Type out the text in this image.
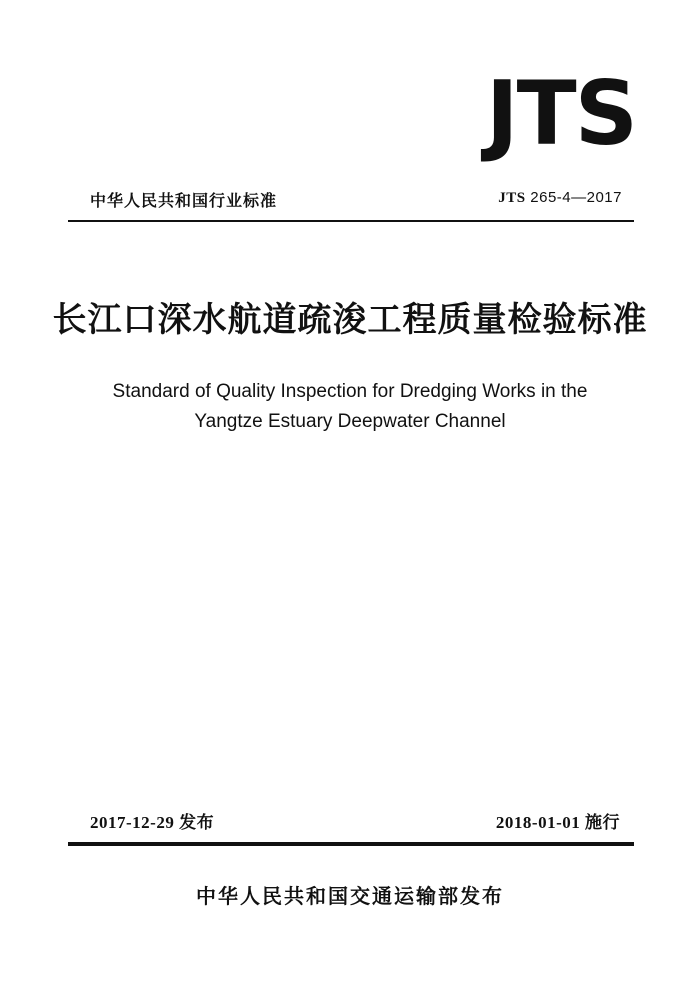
JTS
中华人民共和国行业标准	JTS 265-4—2017
长江口深水航道疏浚工程质量检验标准
Standard of Quality Inspection for Dredging Works in the
Yangtze Estuary Deepwater Channel
2017-12-29 发布	2018-01-01 施行
中华人民共和国交通运输部发布
